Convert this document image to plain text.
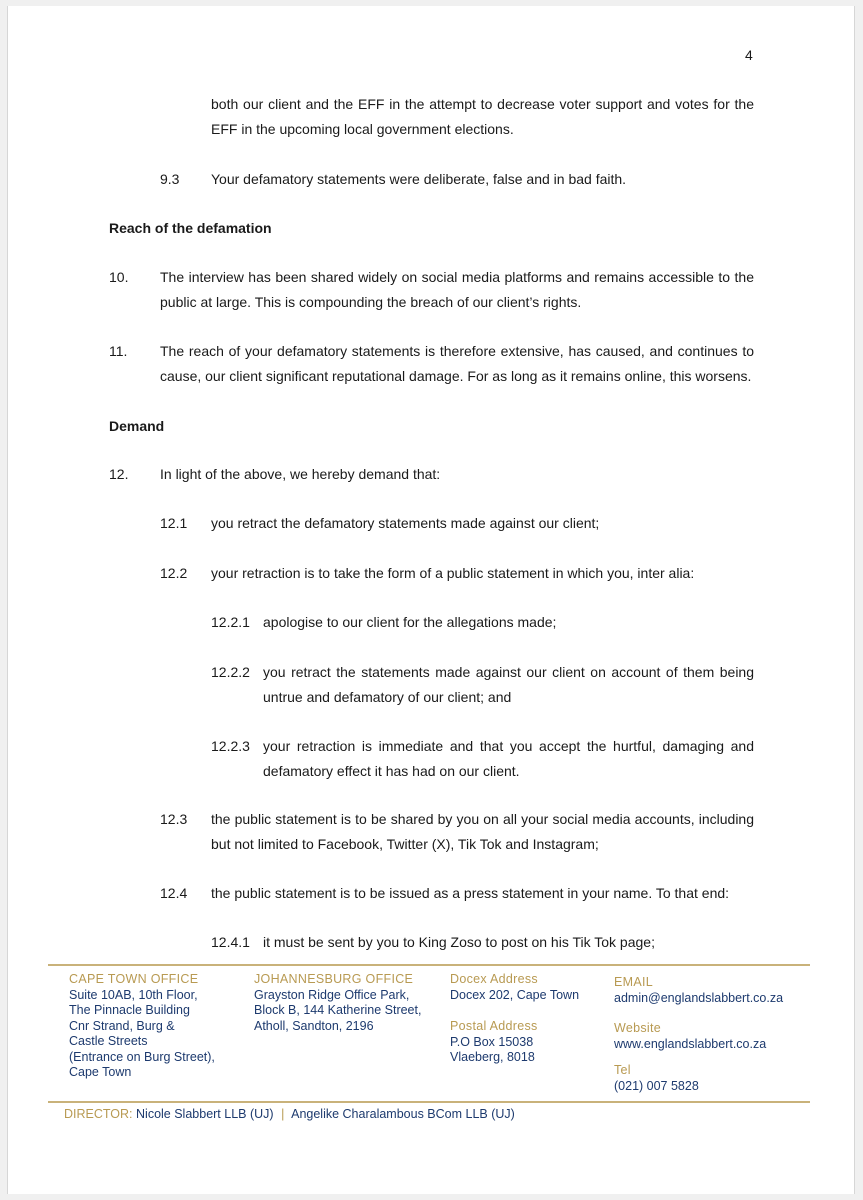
4
both our client and the EFF in the attempt to decrease voter support and votes for the EFF in the upcoming local government elections.
9.3 Your defamatory statements were deliberate, false and in bad faith.
Reach of the defamation
10. The interview has been shared widely on social media platforms and remains accessible to the public at large. This is compounding the breach of our client’s rights.
11. The reach of your defamatory statements is therefore extensive, has caused, and continues to cause, our client significant reputational damage. For as long as it remains online, this worsens.
Demand
12. In light of the above, we hereby demand that:
12.1 you retract the defamatory statements made against our client;
12.2 your retraction is to take the form of a public statement in which you, inter alia:
12.2.1 apologise to our client for the allegations made;
12.2.2 you retract the statements made against our client on account of them being untrue and defamatory of our client; and
12.2.3 your retraction is immediate and that you accept the hurtful, damaging and defamatory effect it has had on our client.
12.3 the public statement is to be shared by you on all your social media accounts, including but not limited to Facebook, Twitter (X), Tik Tok and Instagram;
12.4 the public statement is to be issued as a press statement in your name. To that end:
12.4.1 it must be sent by you to King Zoso to post on his Tik Tok page;
CAPE TOWN OFFICE
Suite 10AB, 10th Floor,
The Pinnacle Building
Cnr Strand, Burg &
Castle Streets
(Entrance on Burg Street),
Cape Town
JOHANNESBURG OFFICE
Grayston Ridge Office Park,
Block B, 144 Katherine Street,
Atholl, Sandton, 2196
Docex Address
Docex 202, Cape Town
Postal Address
P.O Box 15038
Vlaeberg, 8018
EMAIL
admin@englandslabbert.co.za
Website
www.englandslabbert.co.za
Tel
(021) 007 5828
DIRECTOR: Nicole Slabbert LLB (UJ) | Angelike Charalambous BCom LLB (UJ)
